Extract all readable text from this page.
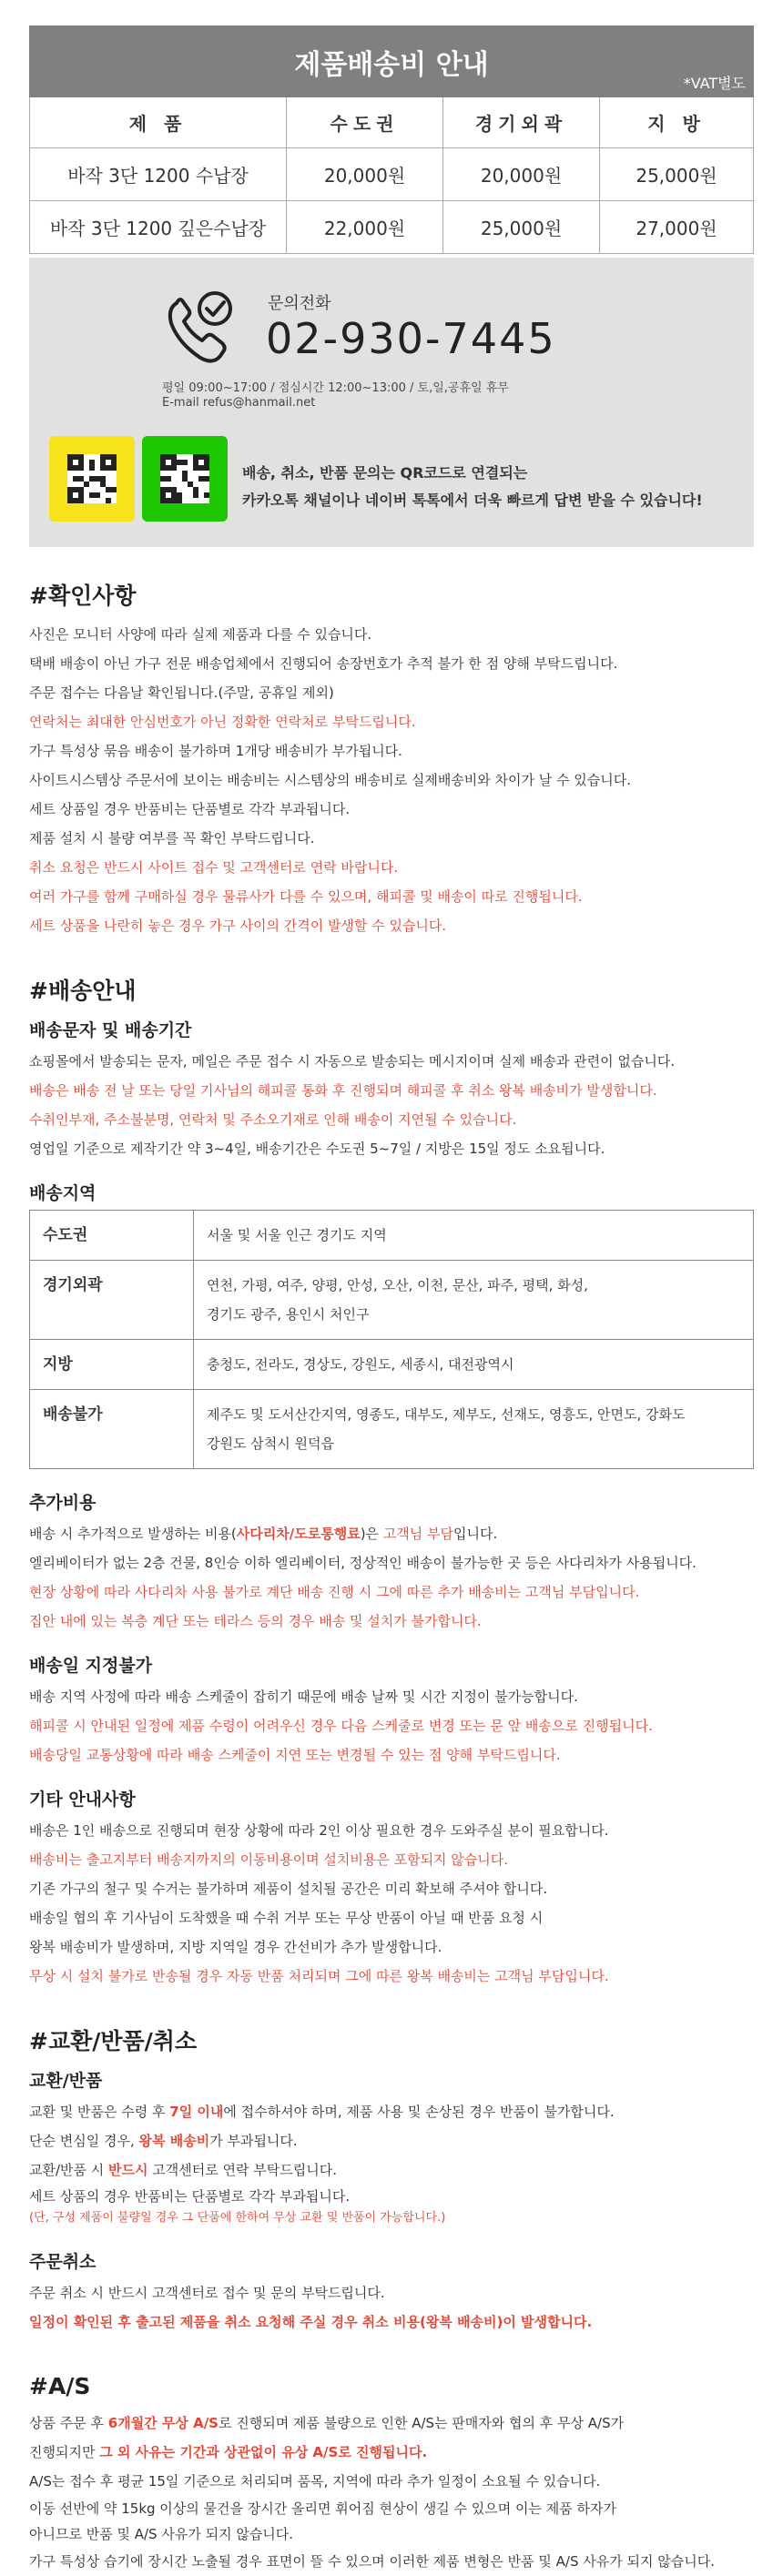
제품배송비 안내
*VAT별도			

제 품	수도권	경기외곽	지 방
바작 3단 1200 수납장	20,000원	20,000원	25,000원
바작 3단 1200 깊은수납장	22,000원	25,000원	27,000원
문의전화
02-930-7445
평일 09:00~17:00 / 점심시간 12:00~13:00 / 토,일,공휴일 휴무
E-mail refus@hanmail.net
배송, 취소, 반품 문의는 QR코드로 연결되는
카카오톡 채널이나 네이버 톡톡에서 더욱 빠르게 답변 받을 수 있습니다!
#확인사항
사진은 모니터 사양에 따라 실제 제품과 다를 수 있습니다.
택배 배송이 아닌 가구 전문 배송업체에서 진행되어 송장번호가 추적 불가 한 점 양해 부탁드립니다.
주문 접수는 다음날 확인됩니다.(주말, 공휴일 제외)
연락처는 최대한 안심번호가 아닌 정확한 연락처로 부탁드립니다.
가구 특성상 묶음 배송이 불가하며 1개당 배송비가 부가됩니다.
사이트시스템상 주문서에 보이는 배송비는 시스템상의 배송비로 실제배송비와 차이가 날 수 있습니다.
세트 상품일 경우 반품비는 단품별로 각각 부과됩니다.
제품 설치 시 불량 여부를 꼭 확인 부탁드립니다.
취소 요청은 반드시 사이트 접수 및 고객센터로 연락 바랍니다.
여러 가구를 함께 구매하실 경우 물류사가 다를 수 있으며, 해피콜 및 배송이 따로 진행됩니다.
세트 상품을 나란히 놓은 경우 가구 사이의 간격이 발생할 수 있습니다.
#배송안내
배송문자 및 배송기간
쇼핑몰에서 발송되는 문자, 메일은 주문 접수 시 자동으로 발송되는 메시지이며 실제 배송과 관련이 없습니다.
배송은 배송 전 날 또는 당일 기사님의 해피콜 통화 후 진행되며 해피콜 후 취소 왕복 배송비가 발생합니다.
수취인부재, 주소불분명, 연락처 및 주소오기재로 인해 배송이 지연될 수 있습니다.
영업일 기준으로 제작기간 약 3~4일, 배송기간은 수도권 5~7일 / 지방은 15일 정도 소요됩니다.
배송지역
수도권	서울 및 서울 인근 경기도 지역

경기외곽	연천, 가평, 여주, 양평, 안성, 오산, 이천, 문산, 파주, 평택, 화성,
경기도 광주, 용인시 처인구

지방	충청도, 전라도, 경상도, 강원도, 세종시, 대전광역시

배송불가	제주도 및 도서산간지역, 영종도, 대부도, 제부도, 선재도, 영흥도, 안면도, 강화도
강원도 삼척시 원덕읍
추가비용
배송 시 추가적으로 발생하는 비용(사다리차/도로통행료)은 고객님 부담입니다.
엘리베이터가 없는 2층 건물, 8인승 이하 엘리베이터, 정상적인 배송이 불가능한 곳 등은 사다리차가 사용됩니다.
현장 상황에 따라 사다리차 사용 불가로 계단 배송 진행 시 그에 따른 추가 배송비는 고객님 부담입니다.
집안 내에 있는 복층 계단 또는 테라스 등의 경우 배송 및 설치가 불가합니다.
배송일 지정불가
배송 지역 사정에 따라 배송 스케줄이 잡히기 때문에 배송 날짜 및 시간 지정이 불가능합니다.
해피콜 시 안내된 일정에 제품 수령이 어려우신 경우 다음 스케줄로 변경 또는 문 앞 배송으로 진행됩니다.
배송당일 교통상황에 따라 배송 스케줄이 지연 또는 변경될 수 있는 점 양해 부탁드립니다.
기타 안내사항
배송은 1인 배송으로 진행되며 현장 상황에 따라 2인 이상 필요한 경우 도와주실 분이 필요합니다.
배송비는 출고지부터 배송지까지의 이동비용이며 설치비용은 포함되지 않습니다.
기존 가구의 철구 및 수거는 불가하며 제품이 설치될 공간은 미리 확보해 주셔야 합니다.
배송일 협의 후 기사님이 도착했을 때 수취 거부 또는 무상 반품이 아닐 때 반품 요청 시
왕복 배송비가 발생하며, 지방 지역일 경우 간선비가 추가 발생합니다.
무상 시 설치 불가로 반송될 경우 자동 반품 처리되며 그에 따른 왕복 배송비는 고객님 부담입니다.
#교환/반품/취소
교환/반품
교환 및 반품은 수령 후 7일 이내에 접수하셔야 하며, 제품 사용 및 손상된 경우 반품이 불가합니다.
단순 변심일 경우, 왕복 배송비가 부과됩니다.
교환/반품 시 반드시 고객센터로 연락 부탁드립니다.
세트 상품의 경우 반품비는 단품별로 각각 부과됩니다.
(단, 구성 제품이 불량일 경우 그 단품에 한하여 무상 교환 및 반품이 가능합니다.)
주문취소
주문 취소 시 반드시 고객센터로 접수 및 문의 부탁드립니다.
일정이 확인된 후 출고된 제품을 취소 요청해 주실 경우 취소 비용(왕복 배송비)이 발생합니다.
#A/S
상품 주문 후 6개월간 무상 A/S로 진행되며 제품 불량으로 인한 A/S는 판매자와 협의 후 무상 A/S가
진행되지만 그 외 사유는 기간과 상관없이 유상 A/S로 진행됩니다.
A/S는 접수 후 평균 15일 기준으로 처리되며 품목, 지역에 따라 추가 일정이 소요될 수 있습니다.
이동 선반에 약 15kg 이상의 물건을 장시간 올리면 휘어짐 현상이 생길 수 있으며 이는 제품 하자가
아니므로 반품 및 A/S 사유가 되지 않습니다.
가구 특성상 습기에 장시간 노출될 경우 표면이 뜰 수 있으며 이러한 제품 변형은 반품 및 A/S 사유가 되지 않습니다.
